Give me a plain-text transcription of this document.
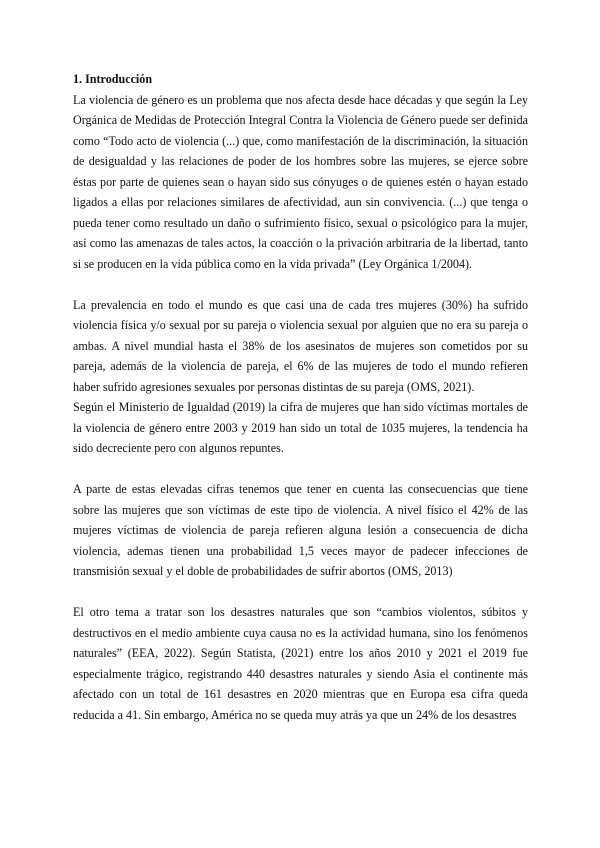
1. Introducción

La violencia de género es un problema que nos afecta desde hace décadas y que según la Ley Orgánica de Medidas de Protección Integral Contra la Violencia de Género puede ser definida como “Todo acto de violencia (...) que, como manifestación de la discriminación, la situación de desigualdad y las relaciones de poder de los hombres sobre las mujeres, se ejerce sobre éstas por parte de quienes sean o hayan sido sus cónyuges o de quienes estén o hayan estado ligados a ellas por relaciones similares de afectividad, aun sin convivencia. (...) que tenga o pueda tener como resultado un daño o sufrimiento físico, sexual o psicológico para la mujer, así como las amenazas de tales actos, la coacción o la privación arbitraria de la libertad, tanto si se producen en la vida pública como en la vida privada” (Ley Orgánica 1/2004).

La prevalencia en todo el mundo es que casi una de cada tres mujeres (30%) ha sufrido violencia física y/o sexual por su pareja o violencia sexual por alguien que no era su pareja o ambas. A nivel mundial hasta el 38% de los asesinatos de mujeres son cometidos por su pareja, además de la violencia de pareja, el 6% de las mujeres de todo el mundo refieren haber sufrido agresiones sexuales por personas distintas de su pareja (OMS, 2021).

Según el Ministerio de Igualdad (2019) la cifra de mujeres que han sido víctimas mortales de la violencia de género entre 2003 y 2019 han sido un total de 1035 mujeres, la tendencia ha sido decreciente pero con algunos repuntes.

A parte de estas elevadas cifras tenemos que tener en cuenta las consecuencias que tiene sobre las mujeres que son víctimas de este tipo de violencia. A nivel físico el 42% de las mujeres víctimas de violencia de pareja refieren alguna lesión a consecuencia de dicha violencia, ademas tienen una probabilidad 1,5 veces mayor de padecer infecciones de transmisión sexual y el doble de probabilidades de sufrir abortos (OMS, 2013)

El otro tema a tratar son los desastres naturales que son “cambios violentos, súbitos y destructivos en el medio ambiente cuya causa no es la actividad humana, sino los fenómenos naturales” (EEA, 2022). Según Statista, (2021) entre los años 2010 y 2021 el 2019 fue especialmente trágico, registrando 440 desastres naturales y siendo Asia el continente más afectado con un total de 161 desastres en 2020 mientras que en Europa esa cifra queda reducida a 41. Sin embargo, América no se queda muy atrás ya que un 24% de los desastres
